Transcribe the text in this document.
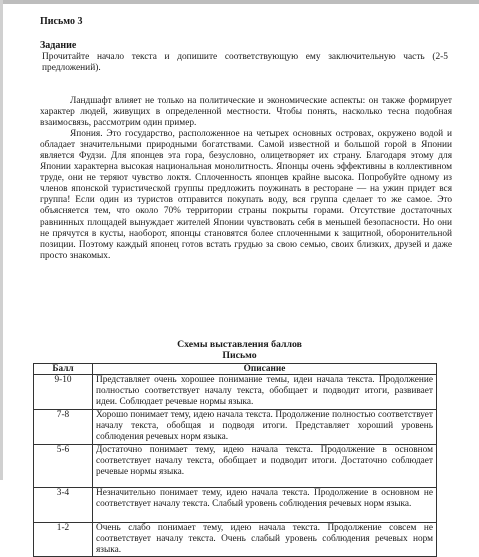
Письмо 3
Задание
Прочитайте начало текста и допишите соответствующую ему заключительную часть (2-5 предложений).

Ландшафт влияет не только на политические и экономические аспекты: он также формирует характер людей, живущих в определенной местности. Чтобы понять, насколько тесна подобная взаимосвязь, рассмотрим один пример.

Япония. Это государство, расположенное на четырех основных островах, окружено водой и обладает значительными природными богатствами. Самой известной и большой горой в Японии является Фудзи. Для японцев эта гора, безусловно, олицетворяет их страну. Благодаря этому для Японии характерна высокая национальная монолитность. Японцы очень эффективны в коллективном труде, они не теряют чувство локтя. Сплоченность японцев крайне высока. Попробуйте одному из членов японской туристической группы предложить поужинать в ресторане — на ужин придет вся группа! Если один из туристов отправится покупать воду, вся группа сделает то же самое. Это объясняется тем, что около 70% территории страны покрыты горами. Отсутствие достаточных равнинных площадей вынуждает жителей Японии чувствовать себя в меньшей безопасности. Но они не прячутся в кусты, наоборот, японцы становятся более сплоченными к защитной, оборонительной позиции. Поэтому каждый японец готов встать грудью за свою семью, своих близких, друзей и даже просто знакомых.

Схемы выставления баллов
Письмо
Балл	Описание
9-10	Представляет очень хорошее понимание темы, идеи начала текста. Продолжение полностью соответствует началу текста, обобщает и подводит итоги, развивает идеи. Соблюдает речевые нормы языка.
7-8	Хорошо понимает тему, идею начала текста. Продолжение полностью соответствует началу текста, обобщая и подводя итоги. Представляет хороший уровень соблюдения речевых норм языка.
5-6	Достаточно понимает тему, идею начала текста. Продолжение в основном соответствует началу текста, обобщает и подводит итоги. Достаточно соблюдает речевые нормы языка.
3-4	Незначительно понимает тему, идею начала текста. Продолжение в основном не соответствует началу текста. Слабый уровень соблюдения речевых норм языка.
1-2	Очень слабо понимает тему, идею начала текста. Продолжение совсем не соответствует началу текста. Очень слабый уровень соблюдения речевых норм языка.
